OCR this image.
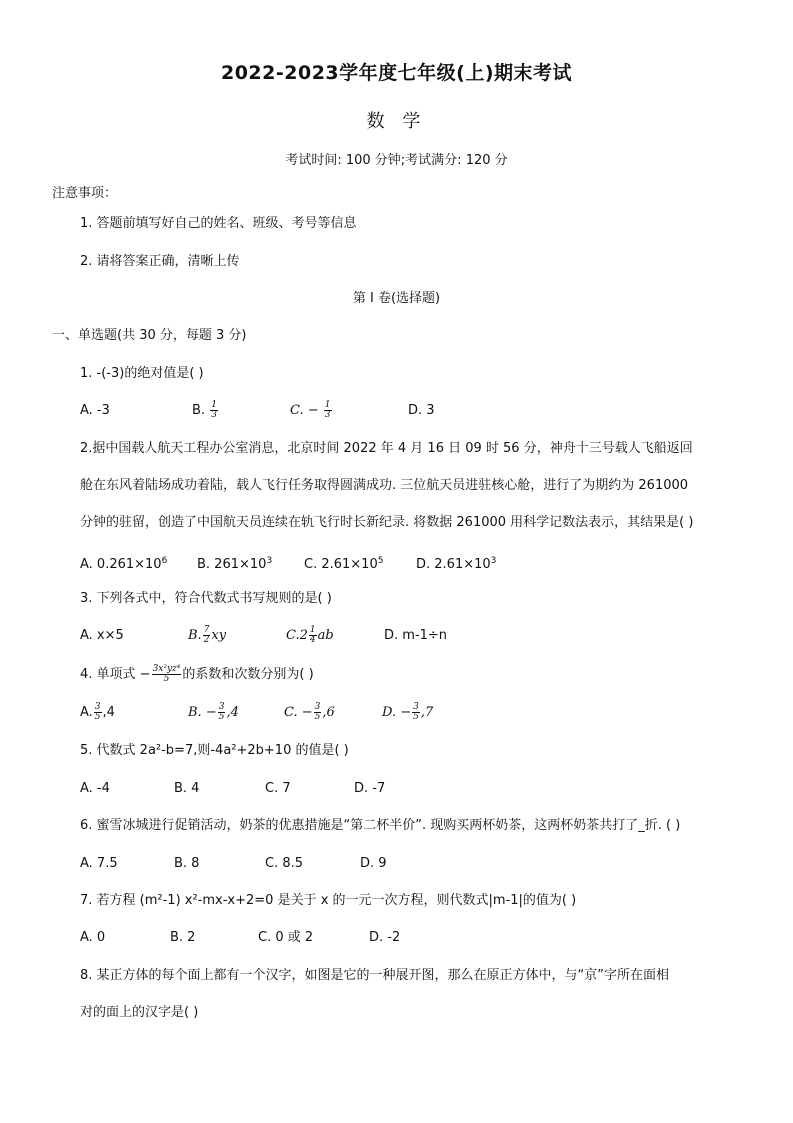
2022-2023学年度七年级(上)期末考试
数 学
考试时间: 100 分钟;考试满分: 120 分
注意事项：
1. 答题前填写好自己的姓名、班级、考号等信息
2. 请将答案正确，清晰上传
第 I 卷(选择题)
一、单选题(共 30 分，每题 3 分)
1. -(-3)的绝对值是( )
A. -3	B. $\frac{1}{3}$	C. − $\frac{1}{3}$	D. 3
2.据中国载人航天工程办公室消息，北京时间 2022 年 4 月 16 日 09 时 56 分，神舟十三号载人飞船返回
舱在东风着陆场成功着陆，载人飞行任务取得圆满成功. 三位航天员进驻核心舱，进行了为期约为 261000
分钟的驻留，创造了中国航天员连续在轨飞行时长新纪录. 将数据 261000 用科学记数法表示，其结果是( )
A. $0.261\times 10^6$ B. $261\times 10^3$ C. $2.61\times 10^5$	D. $2.61\times 10^3$
3. 下列各式中，符合代数式书写规则的是( )
A. x×5	B. $\frac{7}{2}$ xy	$C.2 \frac{1}{4}$ ab	D. m-1÷n
4. 单项式 − $\frac{\text{3x²yz⁴}}{5}$ 的系数和次数分别为( )
A. $\frac{3}{5} ,4$	B. − $\frac{3}{5} ,4$	C. − $\frac{3}{5} ,6$	D. − $\frac{3}{5} ,7$
5. 代数式 2a²-b=7,则-4a²+2b+10 的值是( )
A. -4	B. 4	C. 7	D. -7
6. 蜜雪冰城进行促销活动，奶茶的优惠措施是“第二杯半价”. 现购买两杯奶茶，这两杯奶茶共打了_折. ( )
A. 7.5	B. 8	C. 8.5	D. 9
7. 若方程 (m²-1) x²-mx-x+2=0 是关于 x 的一元一次方程，则代数式|m-1|的值为( )
A. 0	B. 2	C. 0 或 2	D. -2
8. 某正方体的每个面上都有一个汉字，如图是它的一种展开图，那么在原正方体中，与“京”字所在面相
对的面上的汉字是( )
